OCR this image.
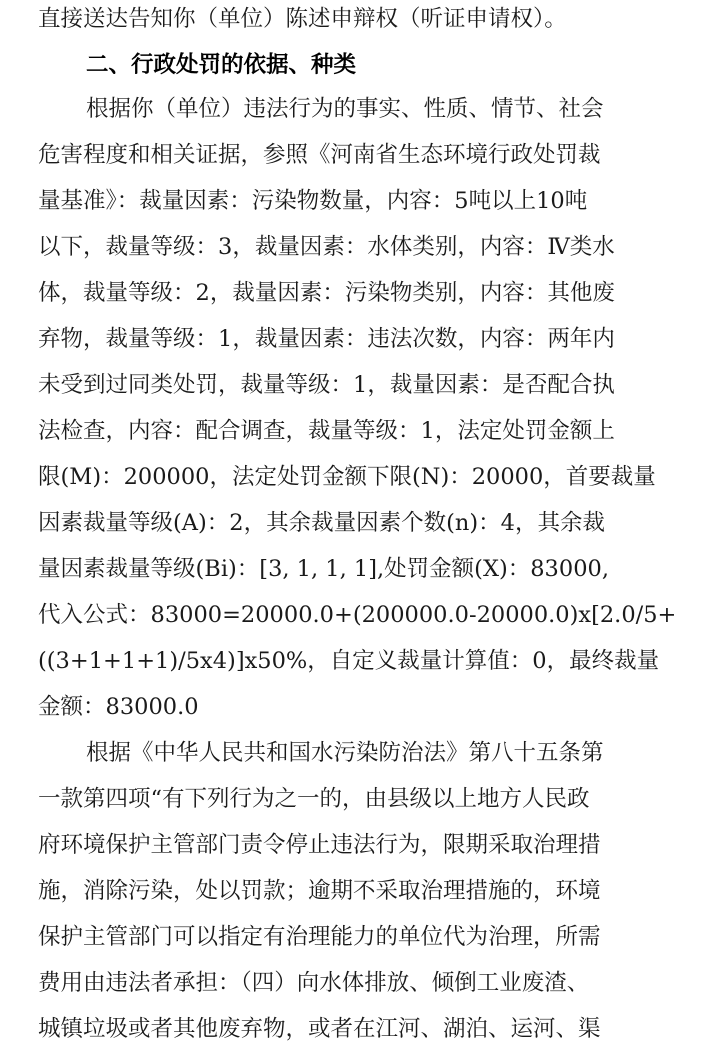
直接送达告知你（单位）陈述申辩权（听证申请权）。
二、行政处罚的依据、种类
根据你（单位）违法行为的事实、性质、情节、社会
危害程度和相关证据，参照《河南省生态环境行政处罚裁
量基准》：裁量因素：污染物数量，内容：5吨以上10吨
以下，裁量等级：3，裁量因素：水体类别，内容：Ⅳ类水
体，裁量等级：2，裁量因素：污染物类别，内容：其他废
弃物，裁量等级：1，裁量因素：违法次数，内容：两年内
未受到过同类处罚，裁量等级：1，裁量因素：是否配合执
法检查，内容：配合调查，裁量等级：1，法定处罚金额上
限(M)：200000，法定处罚金额下限(N)：20000，首要裁量
因素裁量等级(A)：2，其余裁量因素个数(n)：4，其余裁
量因素裁量等级(Bi)：[3, 1, 1, 1],处罚金额(X)：83000,
代入公式：83000=20000.0+(200000.0-20000.0)x[2.0/5+
((3+1+1+1)/5x4)]x50%，自定义裁量计算值：0，最终裁量
金额：83000.0
根据《中华人民共和国水污染防治法》第八十五条第
一款第四项“有下列行为之一的，由县级以上地方人民政
府环境保护主管部门责令停止违法行为，限期采取治理措
施，消除污染，处以罚款；逾期不采取治理措施的，环境
保护主管部门可以指定有治理能力的单位代为治理，所需
费用由违法者承担：（四）向水体排放、倾倒工业废渣、
城镇垃圾或者其他废弃物，或者在江河、湖泊、运河、渠
